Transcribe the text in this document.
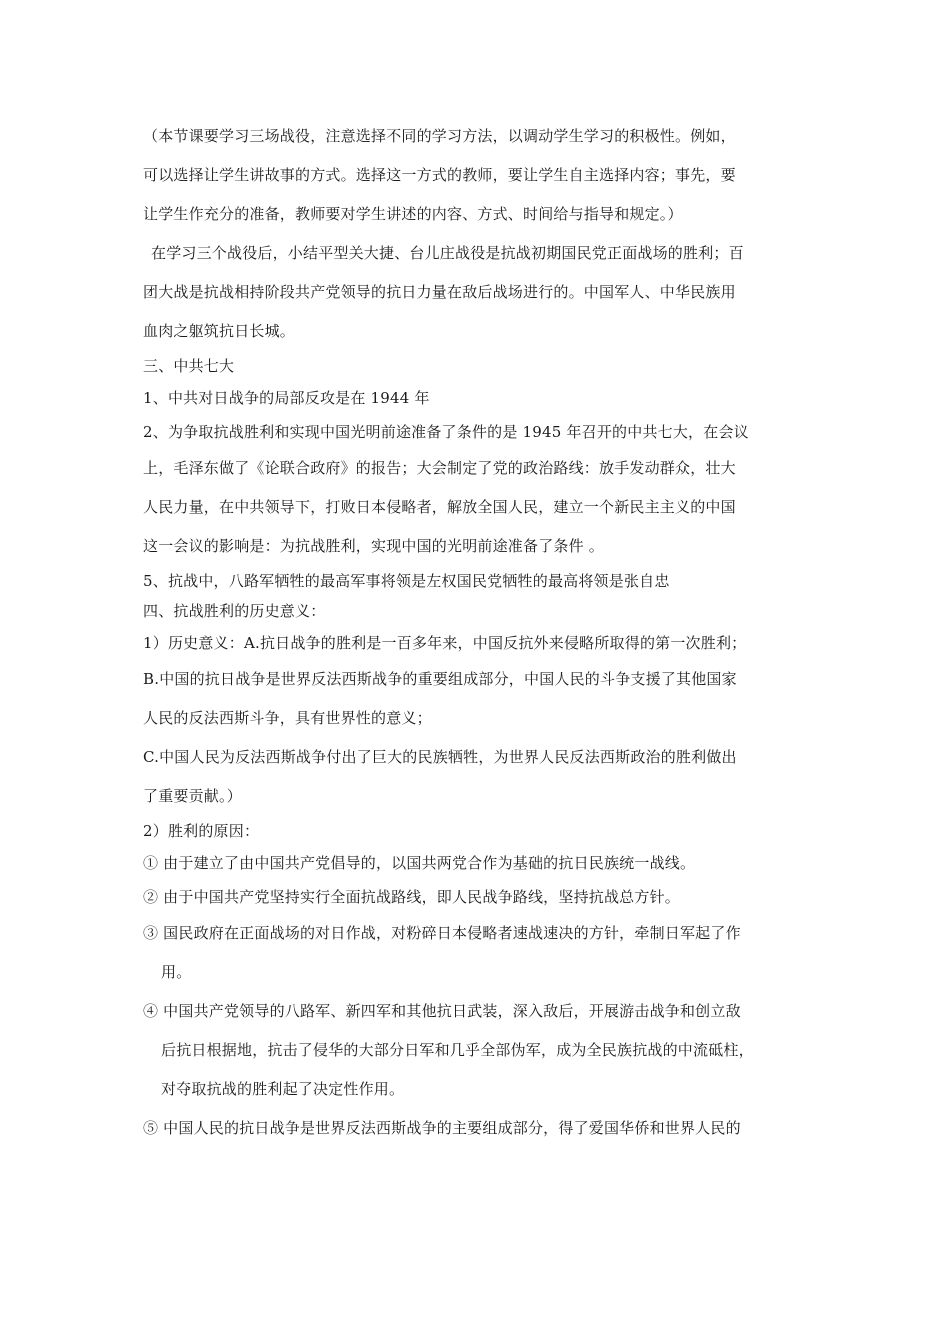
（本节课要学习三场战役，注意选择不同的学习方法，以调动学生学习的积极性。例如，

可以选择让学生讲故事的方式。选择这一方式的教师，要让学生自主选择内容；事先，要

让学生作充分的准备，教师要对学生讲述的内容、方式、时间给与指导和规定。）

在学习三个战役后，小结平型关大捷、台儿庄战役是抗战初期国民党正面战场的胜利；百

团大战是抗战相持阶段共产党领导的抗日力量在敌后战场进行的。中国军人、中华民族用

血肉之躯筑抗日长城。

三、中共七大

1、中共对日战争的局部反攻是在 1944 年

2、为争取抗战胜利和实现中国光明前途准备了条件的是 1945 年召开的中共七大，在会议

上，毛泽东做了《论联合政府》的报告；大会制定了党的政治路线：放手发动群众，壮大

人民力量，在中共领导下，打败日本侵略者，解放全国人民，建立一个新民主主义的中国

这一会议的影响是：为抗战胜利，实现中国的光明前途准备了条件 。

5、抗战中，八路军牺牲的最高军事将领是左权国民党牺牲的最高将领是张自忠

四、抗战胜利的历史意义：

1）历史意义：A.抗日战争的胜利是一百多年来，中国反抗外来侵略所取得的第一次胜利；

B.中国的抗日战争是世界反法西斯战争的重要组成部分，中国人民的斗争支援了其他国家

人民的反法西斯斗争，具有世界性的意义；

C.中国人民为反法西斯战争付出了巨大的民族牺牲，为世界人民反法西斯政治的胜利做出

了重要贡献。）

2）胜利的原因：

① 由于建立了由中国共产党倡导的，以国共两党合作为基础的抗日民族统一战线。

② 由于中国共产党坚持实行全面抗战路线，即人民战争路线，坚持抗战总方针。

③ 国民政府在正面战场的对日作战，对粉碎日本侵略者速战速决的方针，牵制日军起了作

用。

④ 中国共产党领导的八路军、新四军和其他抗日武装，深入敌后，开展游击战争和创立敌

后抗日根据地，抗击了侵华的大部分日军和几乎全部伪军，成为全民族抗战的中流砥柱，

对夺取抗战的胜利起了决定性作用。

⑤ 中国人民的抗日战争是世界反法西斯战争的主要组成部分，得了爱国华侨和世界人民的
